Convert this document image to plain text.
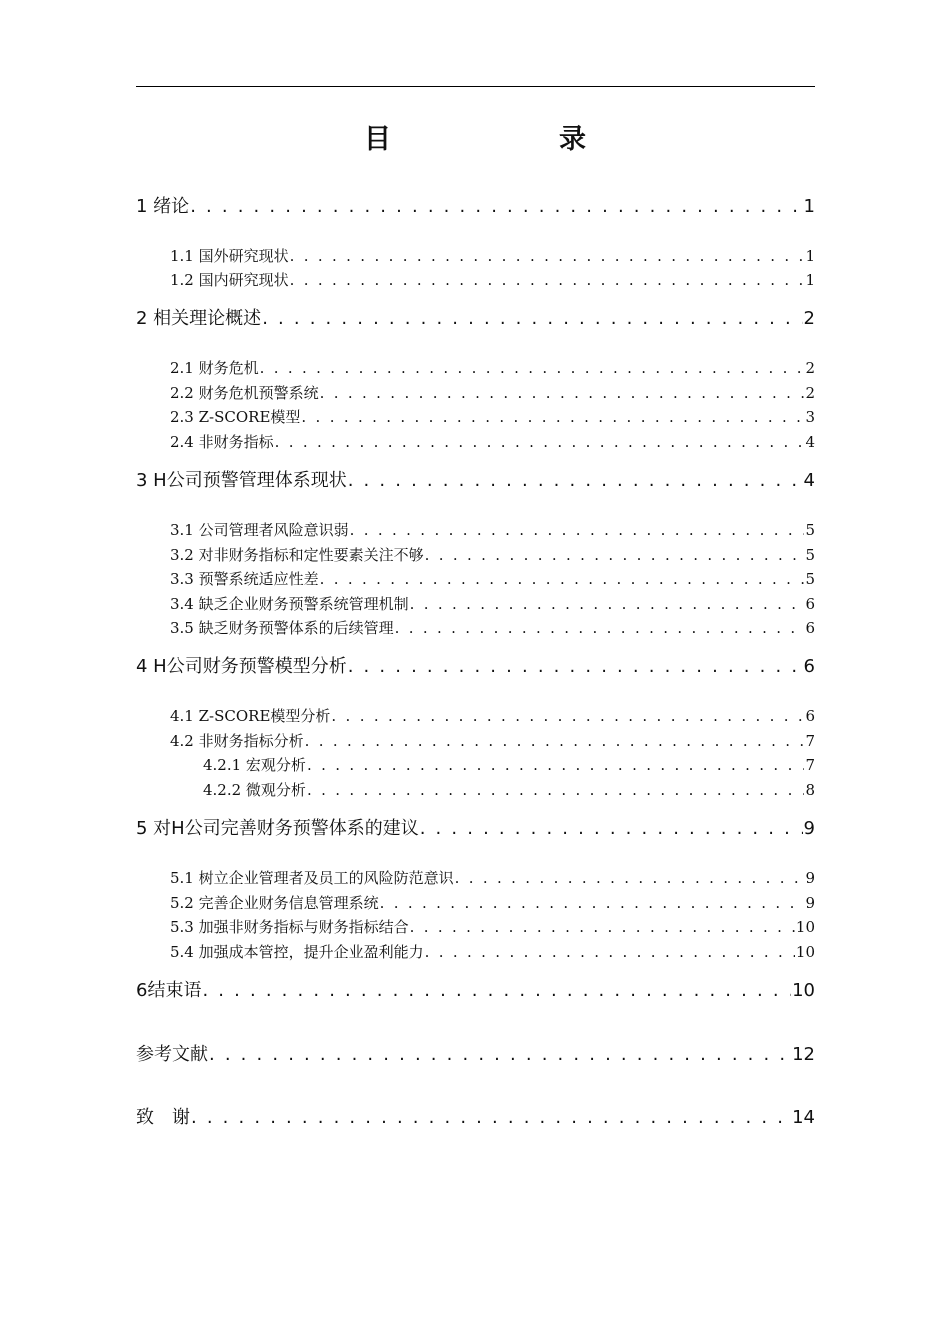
目　　录
1 绪论 . . .	1
1.1 国外研究现状 . . .	1
1.2 国内研究现状 . . .	1
2 相关理论概述 . . .	2
2.1 财务危机 . . .	2
2.2 财务危机预警系统 . . .	2
2.3 Z-SCORE模型 . . .	3
2.4 非财务指标 . . .	4
3 H公司预警管理体系现状 . . .	4
3.1 公司管理者风险意识弱 . . .	5
3.2 对非财务指标和定性要素关注不够 . . .	5
3.3 预警系统适应性差 . . .	5
3.4 缺乏企业财务预警系统管理机制 . . .	6
3.5 缺乏财务预警体系的后续管理 . . .	6
4 H公司财务预警模型分析 . . .	6
4.1 Z-SCORE模型分析 . . .	6
4.2 非财务指标分析 . . .	7
4.2.1 宏观分析 . . .	7
4.2.2 微观分析 . . .	8
5 对H公司完善财务预警体系的建议 . . .	9
5.1 树立企业管理者及员工的风险防范意识 . . .	9
5.2 完善企业财务信息管理系统 . . .	9
5.3 加强非财务指标与财务指标结合 . . .	10
5.4 加强成本管控，提升企业盈利能力 . . .	10
6结束语 . . .	10
参考文献 . . .	12
致　谢 . . .	14
